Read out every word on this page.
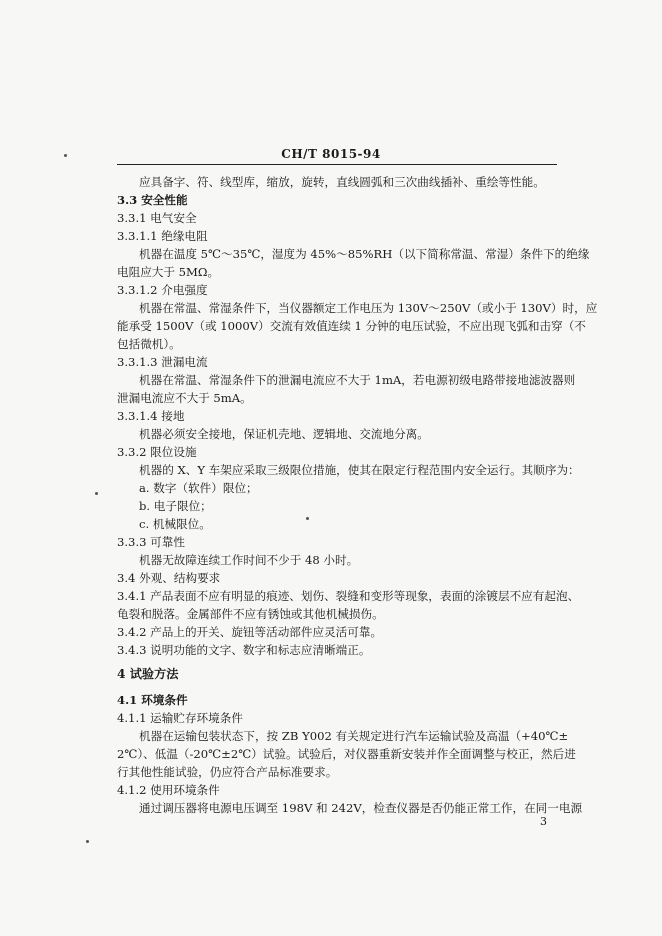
CH/T 8015-94
应具备字、符、线型库，缩放，旋转，直线圆弧和三次曲线插补、重绘等性能。
3.3 安全性能
3.3.1 电气安全
3.3.1.1 绝缘电阻
机器在温度 5℃～35℃，湿度为 45%～85%RH（以下简称常温、常湿）条件下的绝缘
电阻应大于 5MΩ。
3.3.1.2 介电强度
机器在常温、常湿条件下，当仪器额定工作电压为 130V～250V（或小于 130V）时，应
能承受 1500V（或 1000V）交流有效值连续 1 分钟的电压试验，不应出现飞弧和击穿（不
包括微机）。
3.3.1.3 泄漏电流
机器在常温、常湿条件下的泄漏电流应不大于 1mA，若电源初级电路带接地滤波器则
泄漏电流应不大于 5mA。
3.3.1.4 接地
机器必须安全接地，保证机壳地、逻辑地、交流地分离。
3.3.2 限位设施
机器的 X、Y 车架应采取三级限位措施，使其在限定行程范围内安全运行。其顺序为：
a. 数字（软件）限位；
b. 电子限位；
c. 机械限位。
3.3.3 可靠性
机器无故障连续工作时间不少于 48 小时。
3.4 外观、结构要求
3.4.1 产品表面不应有明显的痕迹、划伤、裂缝和变形等现象，表面的涂镀层不应有起泡、
龟裂和脱落。金属部件不应有锈蚀或其他机械损伤。
3.4.2 产品上的开关、旋钮等活动部件应灵活可靠。
3.4.3 说明功能的文字、数字和标志应清晰端正。
4 试验方法
4.1 环境条件
4.1.1 运输贮存环境条件
机器在运输包装状态下，按 ZB Y002 有关规定进行汽车运输试验及高温（+40℃±
2℃）、低温（-20℃±2℃）试验。试验后，对仪器重新安装并作全面调整与校正，然后进
行其他性能试验，仍应符合产品标准要求。
4.1.2 使用环境条件
通过调压器将电源电压调至 198V 和 242V，检查仪器是否仍能正常工作，在同一电源
3
